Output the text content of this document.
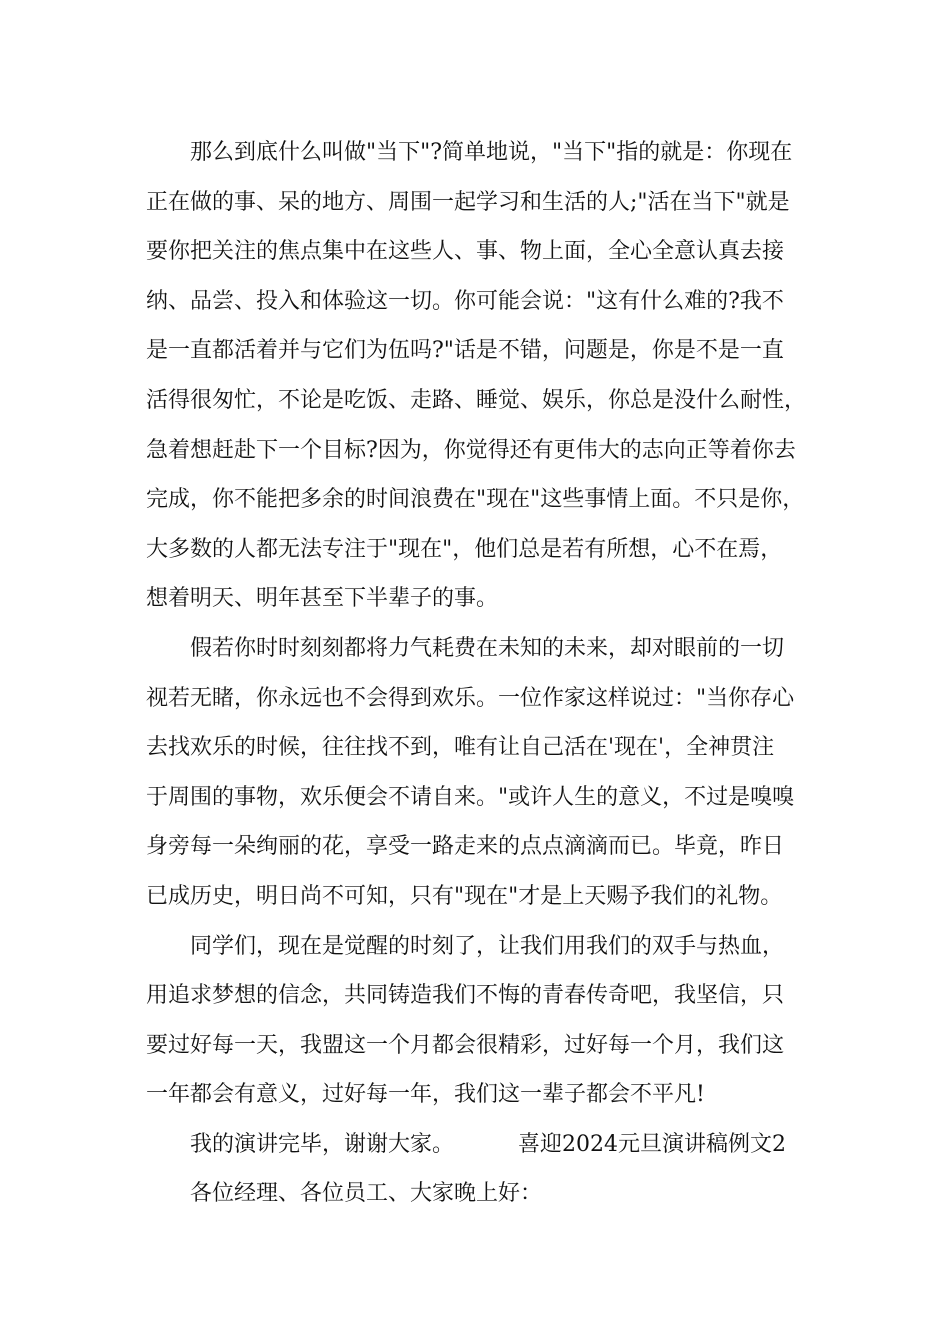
那么到底什么叫做"当下"?简单地说，"当下"指的就是：你现在
正在做的事、呆的地方、周围一起学习和生活的人;"活在当下"就是
要你把关注的焦点集中在这些人、事、物上面，全心全意认真去接
纳、品尝、投入和体验这一切。你可能会说："这有什么难的?我不
是一直都活着并与它们为伍吗?"话是不错，问题是，你是不是一直
活得很匆忙，不论是吃饭、走路、睡觉、娱乐，你总是没什么耐性，
急着想赶赴下一个目标?因为，你觉得还有更伟大的志向正等着你去
完成，你不能把多余的时间浪费在"现在"这些事情上面。不只是你，
大多数的人都无法专注于"现在"，他们总是若有所想，心不在焉，
想着明天、明年甚至下半辈子的事。
假若你时时刻刻都将力气耗费在未知的未来，却对眼前的一切
视若无睹，你永远也不会得到欢乐。一位作家这样说过："当你存心
去找欢乐的时候，往往找不到，唯有让自己活在'现在'，全神贯注
于周围的事物，欢乐便会不请自来。"或许人生的意义，不过是嗅嗅
身旁每一朵绚丽的花，享受一路走来的点点滴滴而已。毕竟，昨日
已成历史，明日尚不可知，只有"现在"才是上天赐予我们的礼物。
同学们，现在是觉醒的时刻了，让我们用我们的双手与热血，
用追求梦想的信念，共同铸造我们不悔的青春传奇吧，我坚信，只
要过好每一天，我盟这一个月都会很精彩，过好每一个月，我们这
一年都会有意义，过好每一年，我们这一辈子都会不平凡!
我的演讲完毕，谢谢大家。	喜迎2024元旦演讲稿例文2
各位经理、各位员工、大家晚上好：
